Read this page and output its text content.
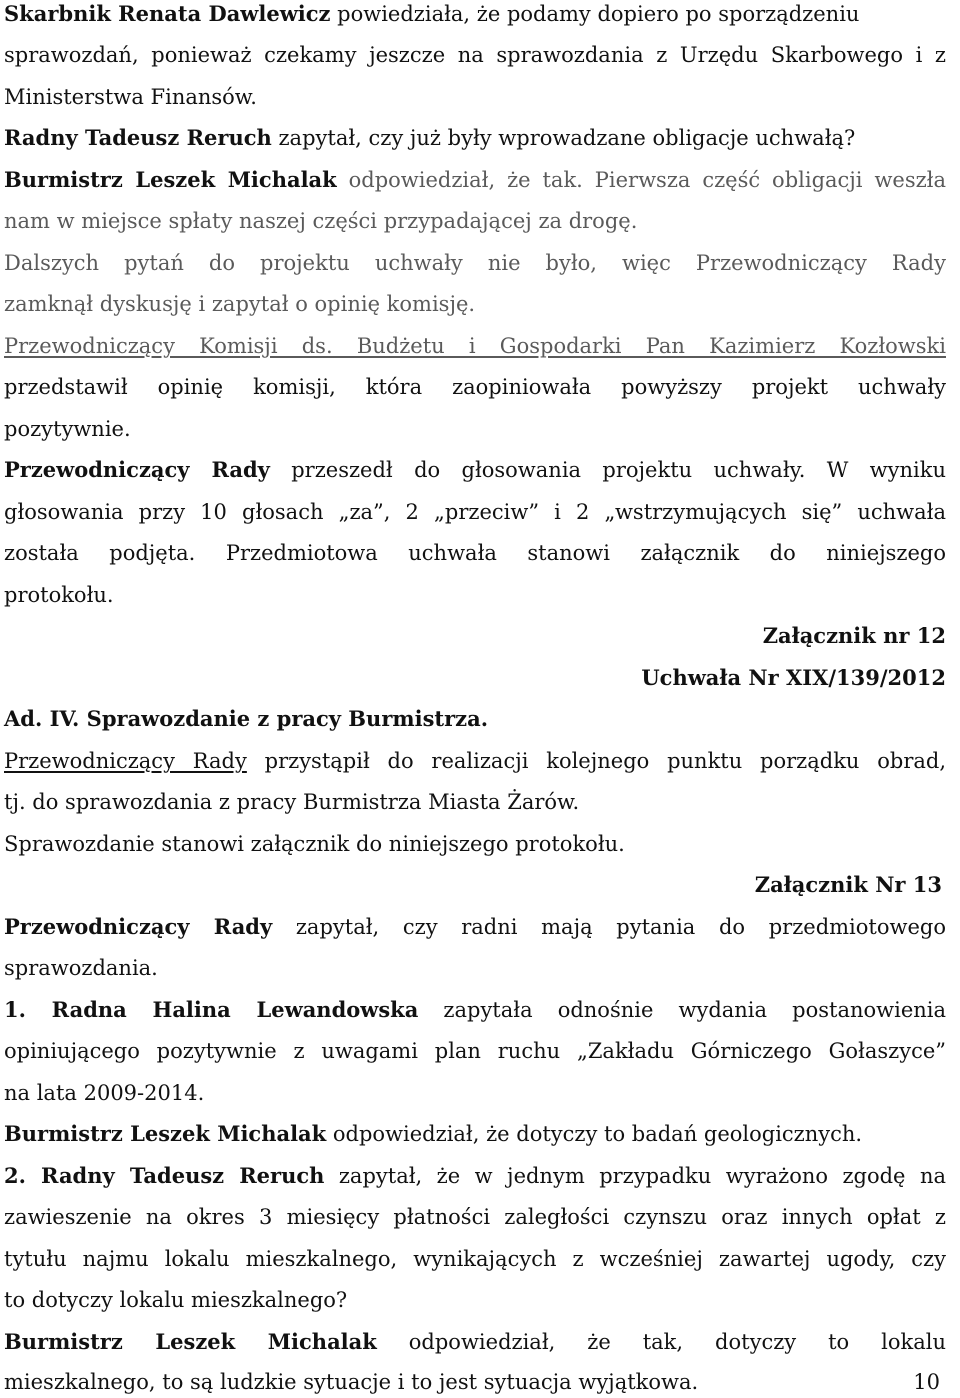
Skarbnik Renata Dawlewicz powiedziała, że podamy dopiero po sporządzeniu
sprawozdań, ponieważ czekamy jeszcze na sprawozdania z Urzędu Skarbowego i z
Ministerstwa Finansów.
Radny Tadeusz Reruch zapytał, czy już były wprowadzane obligacje uchwałą?
Burmistrz Leszek Michalak odpowiedział, że tak. Pierwsza część obligacji weszła
nam w miejsce spłaty naszej części przypadającej za drogę.
Dalszych pytań do projektu uchwały nie było, więc Przewodniczący Rady
zamknął dyskusję i zapytał o opinię komisję.
Przewodniczący Komisji ds. Budżetu i Gospodarki Pan Kazimierz Kozłowski
przedstawił opinię komisji, która zaopiniowała powyższy projekt uchwały
pozytywnie.
Przewodniczący Rady przeszedł do głosowania projektu uchwały. W wyniku
głosowania przy 10 głosach „za”, 2 „przeciw” i 2 „wstrzymujących się” uchwała
została podjęta. Przedmiotowa uchwała stanowi załącznik do niniejszego
protokołu.
Załącznik nr 12
Uchwała Nr XIX/139/2012
Ad. IV. Sprawozdanie z pracy Burmistrza.
Przewodniczący Rady przystąpił do realizacji kolejnego punktu porządku obrad,
tj. do sprawozdania z pracy Burmistrza Miasta Żarów.
Sprawozdanie stanowi załącznik do niniejszego protokołu.
Załącznik Nr 13
Przewodniczący Rady zapytał, czy radni mają pytania do przedmiotowego
sprawozdania.
1. Radna Halina Lewandowska zapytała odnośnie wydania postanowienia
opiniującego pozytywnie z uwagami plan ruchu „Zakładu Górniczego Gołaszyce”
na lata 2009-2014.
Burmistrz Leszek Michalak odpowiedział, że dotyczy to badań geologicznych.
2. Radny Tadeusz Reruch zapytał, że w jednym przypadku wyrażono zgodę na
zawieszenie na okres 3 miesięcy płatności zaległości czynszu oraz innych opłat z
tytułu najmu lokalu mieszkalnego, wynikających z wcześniej zawartej ugody, czy
to dotyczy lokalu mieszkalnego?
Burmistrz Leszek Michalak odpowiedział, że tak, dotyczy to lokalu
mieszkalnego, to są ludzkie sytuacje i to jest sytuacja wyjątkowa.	10
